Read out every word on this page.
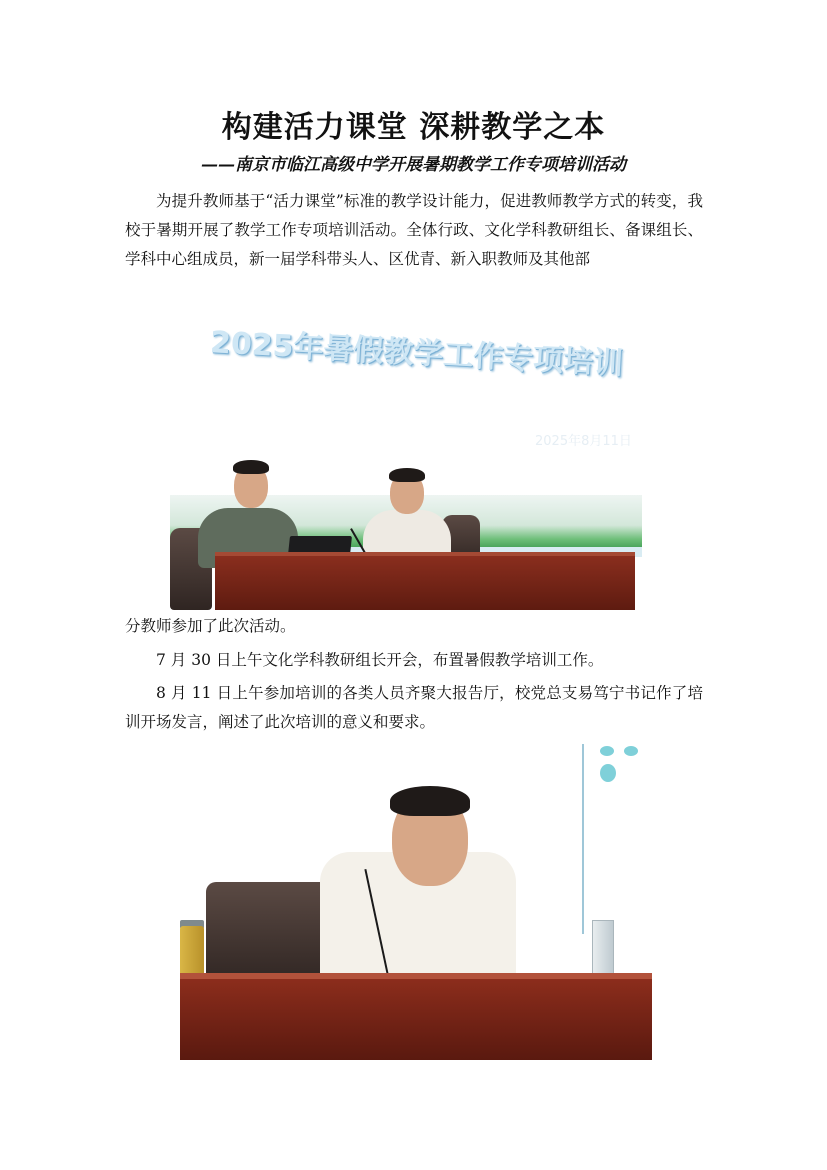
构建活力课堂 深耕教学之本

——南京市临江高级中学开展暑期教学工作专项培训活动

为提升教师基于“活力课堂”标准的教学设计能力，促进教师教学方式的转变，我校于暑期开展了教学工作专项培训活动。全体行政、文化学科教研组长、备课组长、学科中心组成员，新一届学科带头人、区优青、新入职教师及其他部

2025年暑假教学工作专项培训
2025年8月11日

分教师参加了此次活动。

7 月 30 日上午文化学科教研组长开会，布置暑假教学培训工作。

8 月 11 日上午参加培训的各类人员齐聚大报告厅，校党总支易笃宁书记作了培训开场发言，阐述了此次培训的意义和要求。
